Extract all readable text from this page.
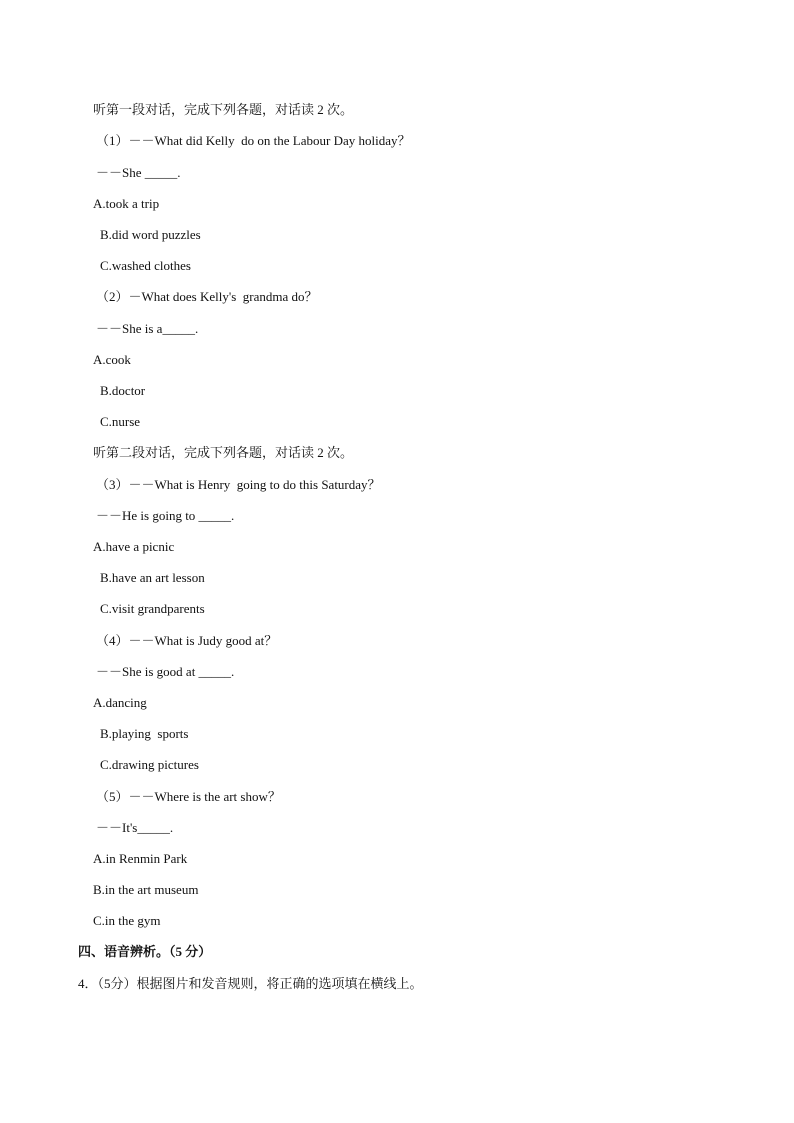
听第一段对话，完成下列各题，对话读 2 次。
（1）－－What did Kelly  do on the Labour Day holiday？
－－She _____.
A.took a trip
B.did word puzzles
C.washed clothes
（2）－What does Kelly's  grandma do？
－－She is a_____.
A.cook
B.doctor
C.nurse
听第二段对话，完成下列各题，对话读 2 次。
（3）－－What is Henry  going to do this Saturday？
－－He is going to _____.
A.have a picnic
B.have an art lesson
C.visit grandparents
（4）－－What is Judy good at？
－－She is good at _____.
A.dancing
B.playing  sports
C.drawing pictures
（5）－－Where is the art show？
－－It's_____.
A.in Renmin Park
B.in the art museum
C.in the gym
四、语音辨析。（5 分）
4．（5分）根据图片和发音规则，将正确的选项填在横线上。
